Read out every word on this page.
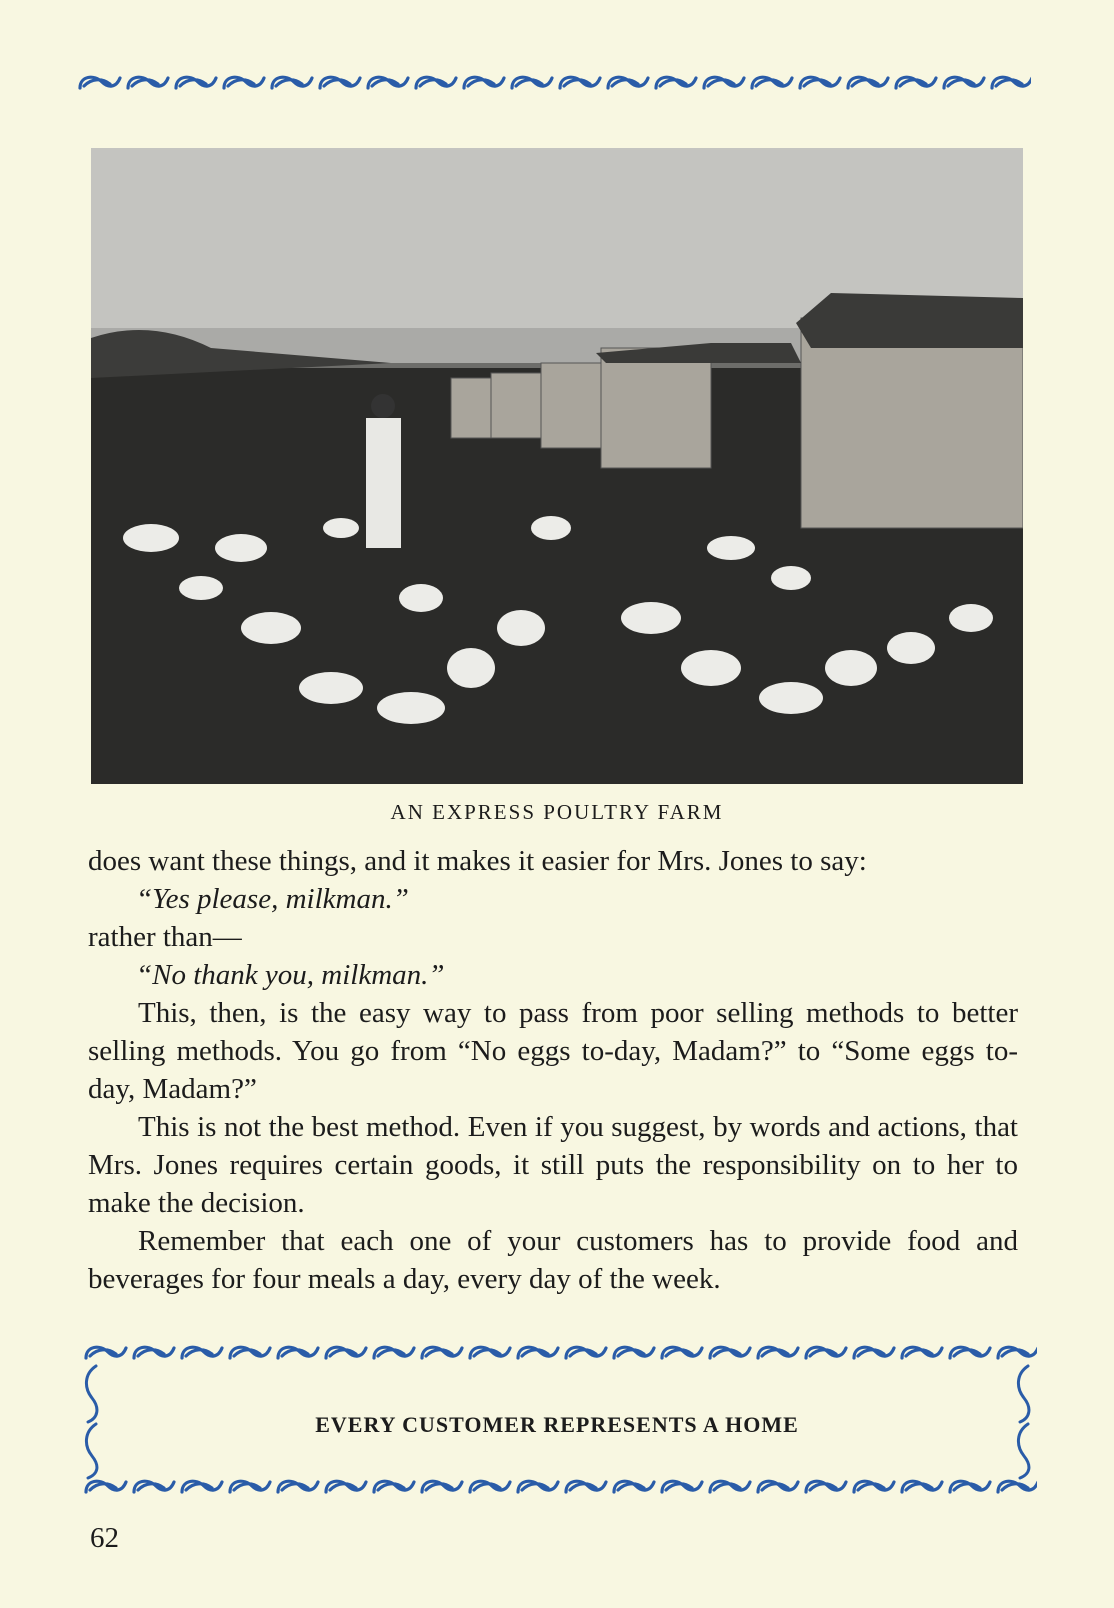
AN EXPRESS POULTRY FARM

does want these things, and it makes it easier for Mrs. Jones to say:

“Yes please, milkman.”

rather than—

“No thank you, milkman.”

This, then, is the easy way to pass from poor selling methods to better selling methods. You go from “No eggs to-day, Madam?” to “Some eggs to-day, Madam?”

This is not the best method. Even if you suggest, by words and actions, that Mrs. Jones requires certain goods, it still puts the responsibility on to her to make the decision.

Remember that each one of your customers has to provide food and beverages for four meals a day, every day of the week.

EVERY CUSTOMER REPRESENTS A HOME
62
